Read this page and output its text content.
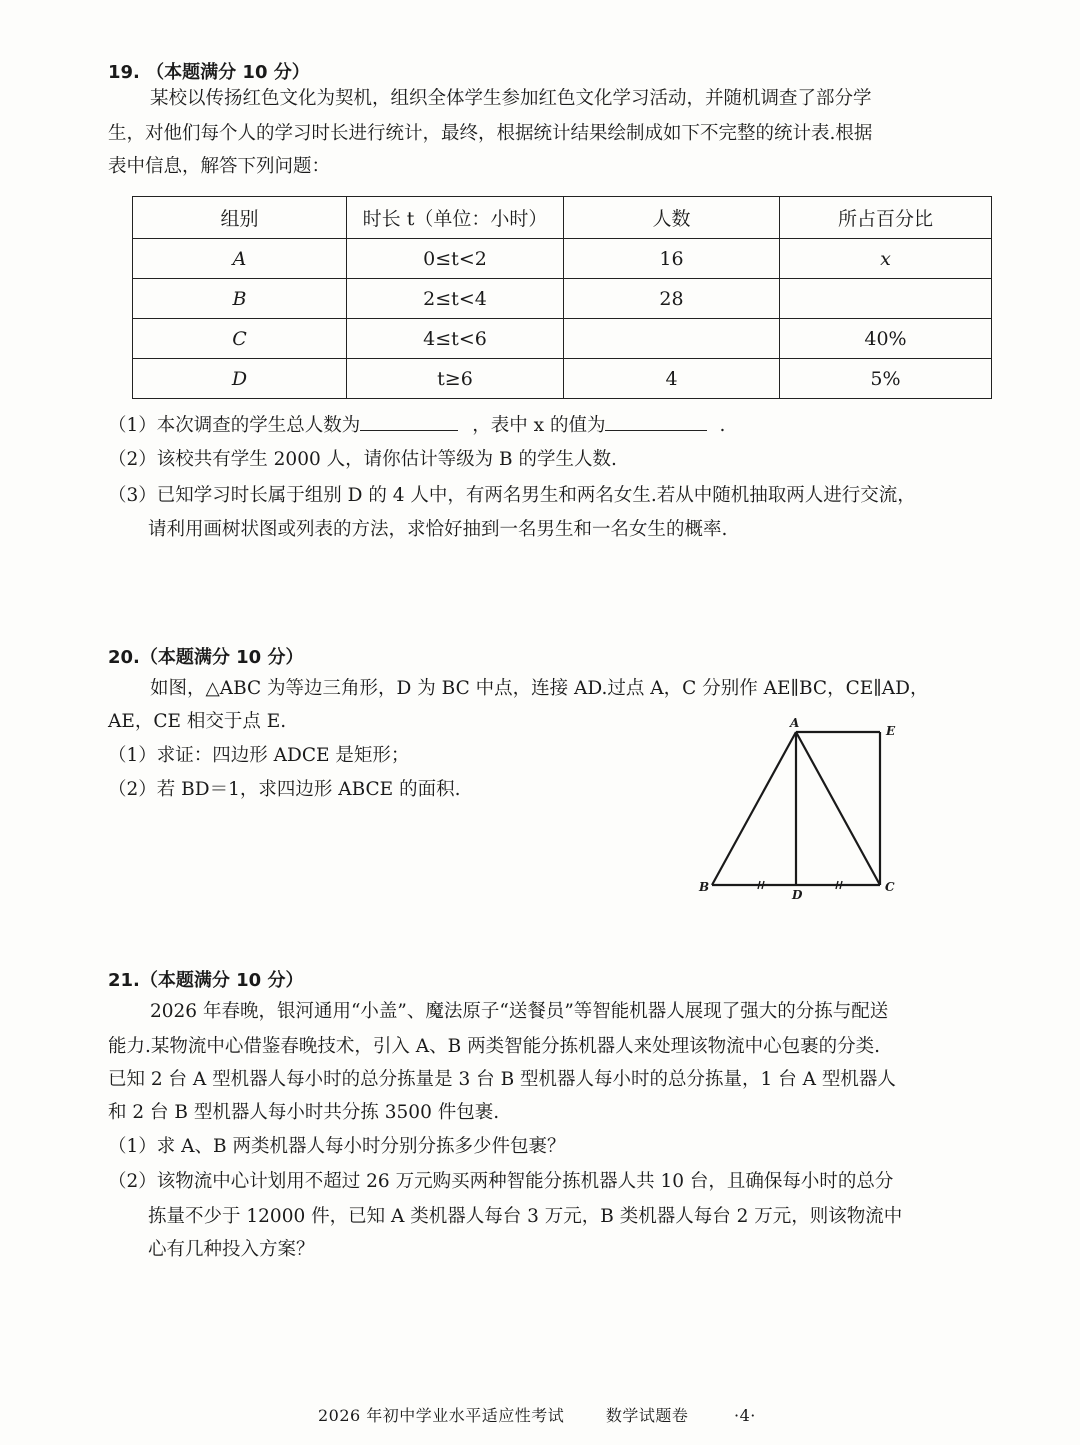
19. （本题满分 10 分）
某校以传扬红色文化为契机，组织全体学生参加红色文化学习活动，并随机调查了部分学
生，对他们每个人的学习时长进行统计，最终，根据统计结果绘制成如下不完整的统计表.根据
表中信息，解答下列问题：
组别	时长 t（单位：小时）	人数	所占百分比
A	0≤t<2	16	x
B	2≤t<4	28	
C	4≤t<6		40%
D	t≥6	4	5%
（1）本次调查的学生总人数为	，表中 x 的值为	.
（2）该校共有学生 2000 人，请你估计等级为 B 的学生人数.
（3）已知学习时长属于组别 D 的 4 人中，有两名男生和两名女生.若从中随机抽取两人进行交流，
请利用画树状图或列表的方法，求恰好抽到一名男生和一名女生的概率.
20.（本题满分 10 分）
如图，△ABC 为等边三角形，D 为 BC 中点，连接 AD.过点 A，C 分别作 AE∥BC，CE∥AD，
AE，CE 相交于点 E.
（1）求证：四边形 ADCE 是矩形；
（2）若 BD＝1，求四边形 ABCE 的面积.
A
E
B
D
C
21.（本题满分 10 分）
2026 年春晚，银河通用“小盖”、魔法原子“送餐员”等智能机器人展现了强大的分拣与配送
能力.某物流中心借鉴春晚技术，引入 A、B 两类智能分拣机器人来处理该物流中心包裹的分类.
已知 2 台 A 型机器人每小时的总分拣量是 3 台 B 型机器人每小时的总分拣量，1 台 A 型机器人
和 2 台 B 型机器人每小时共分拣 3500 件包裹.
（1）求 A、B 两类机器人每小时分别分拣多少件包裹？
（2）该物流中心计划用不超过 26 万元购买两种智能分拣机器人共 10 台，且确保每小时的总分
拣量不少于 12000 件，已知 A 类机器人每台 3 万元，B 类机器人每台 2 万元，则该物流中
心有几种投入方案？
2026 年初中学业水平适应性考试	数学试题卷	·4·
